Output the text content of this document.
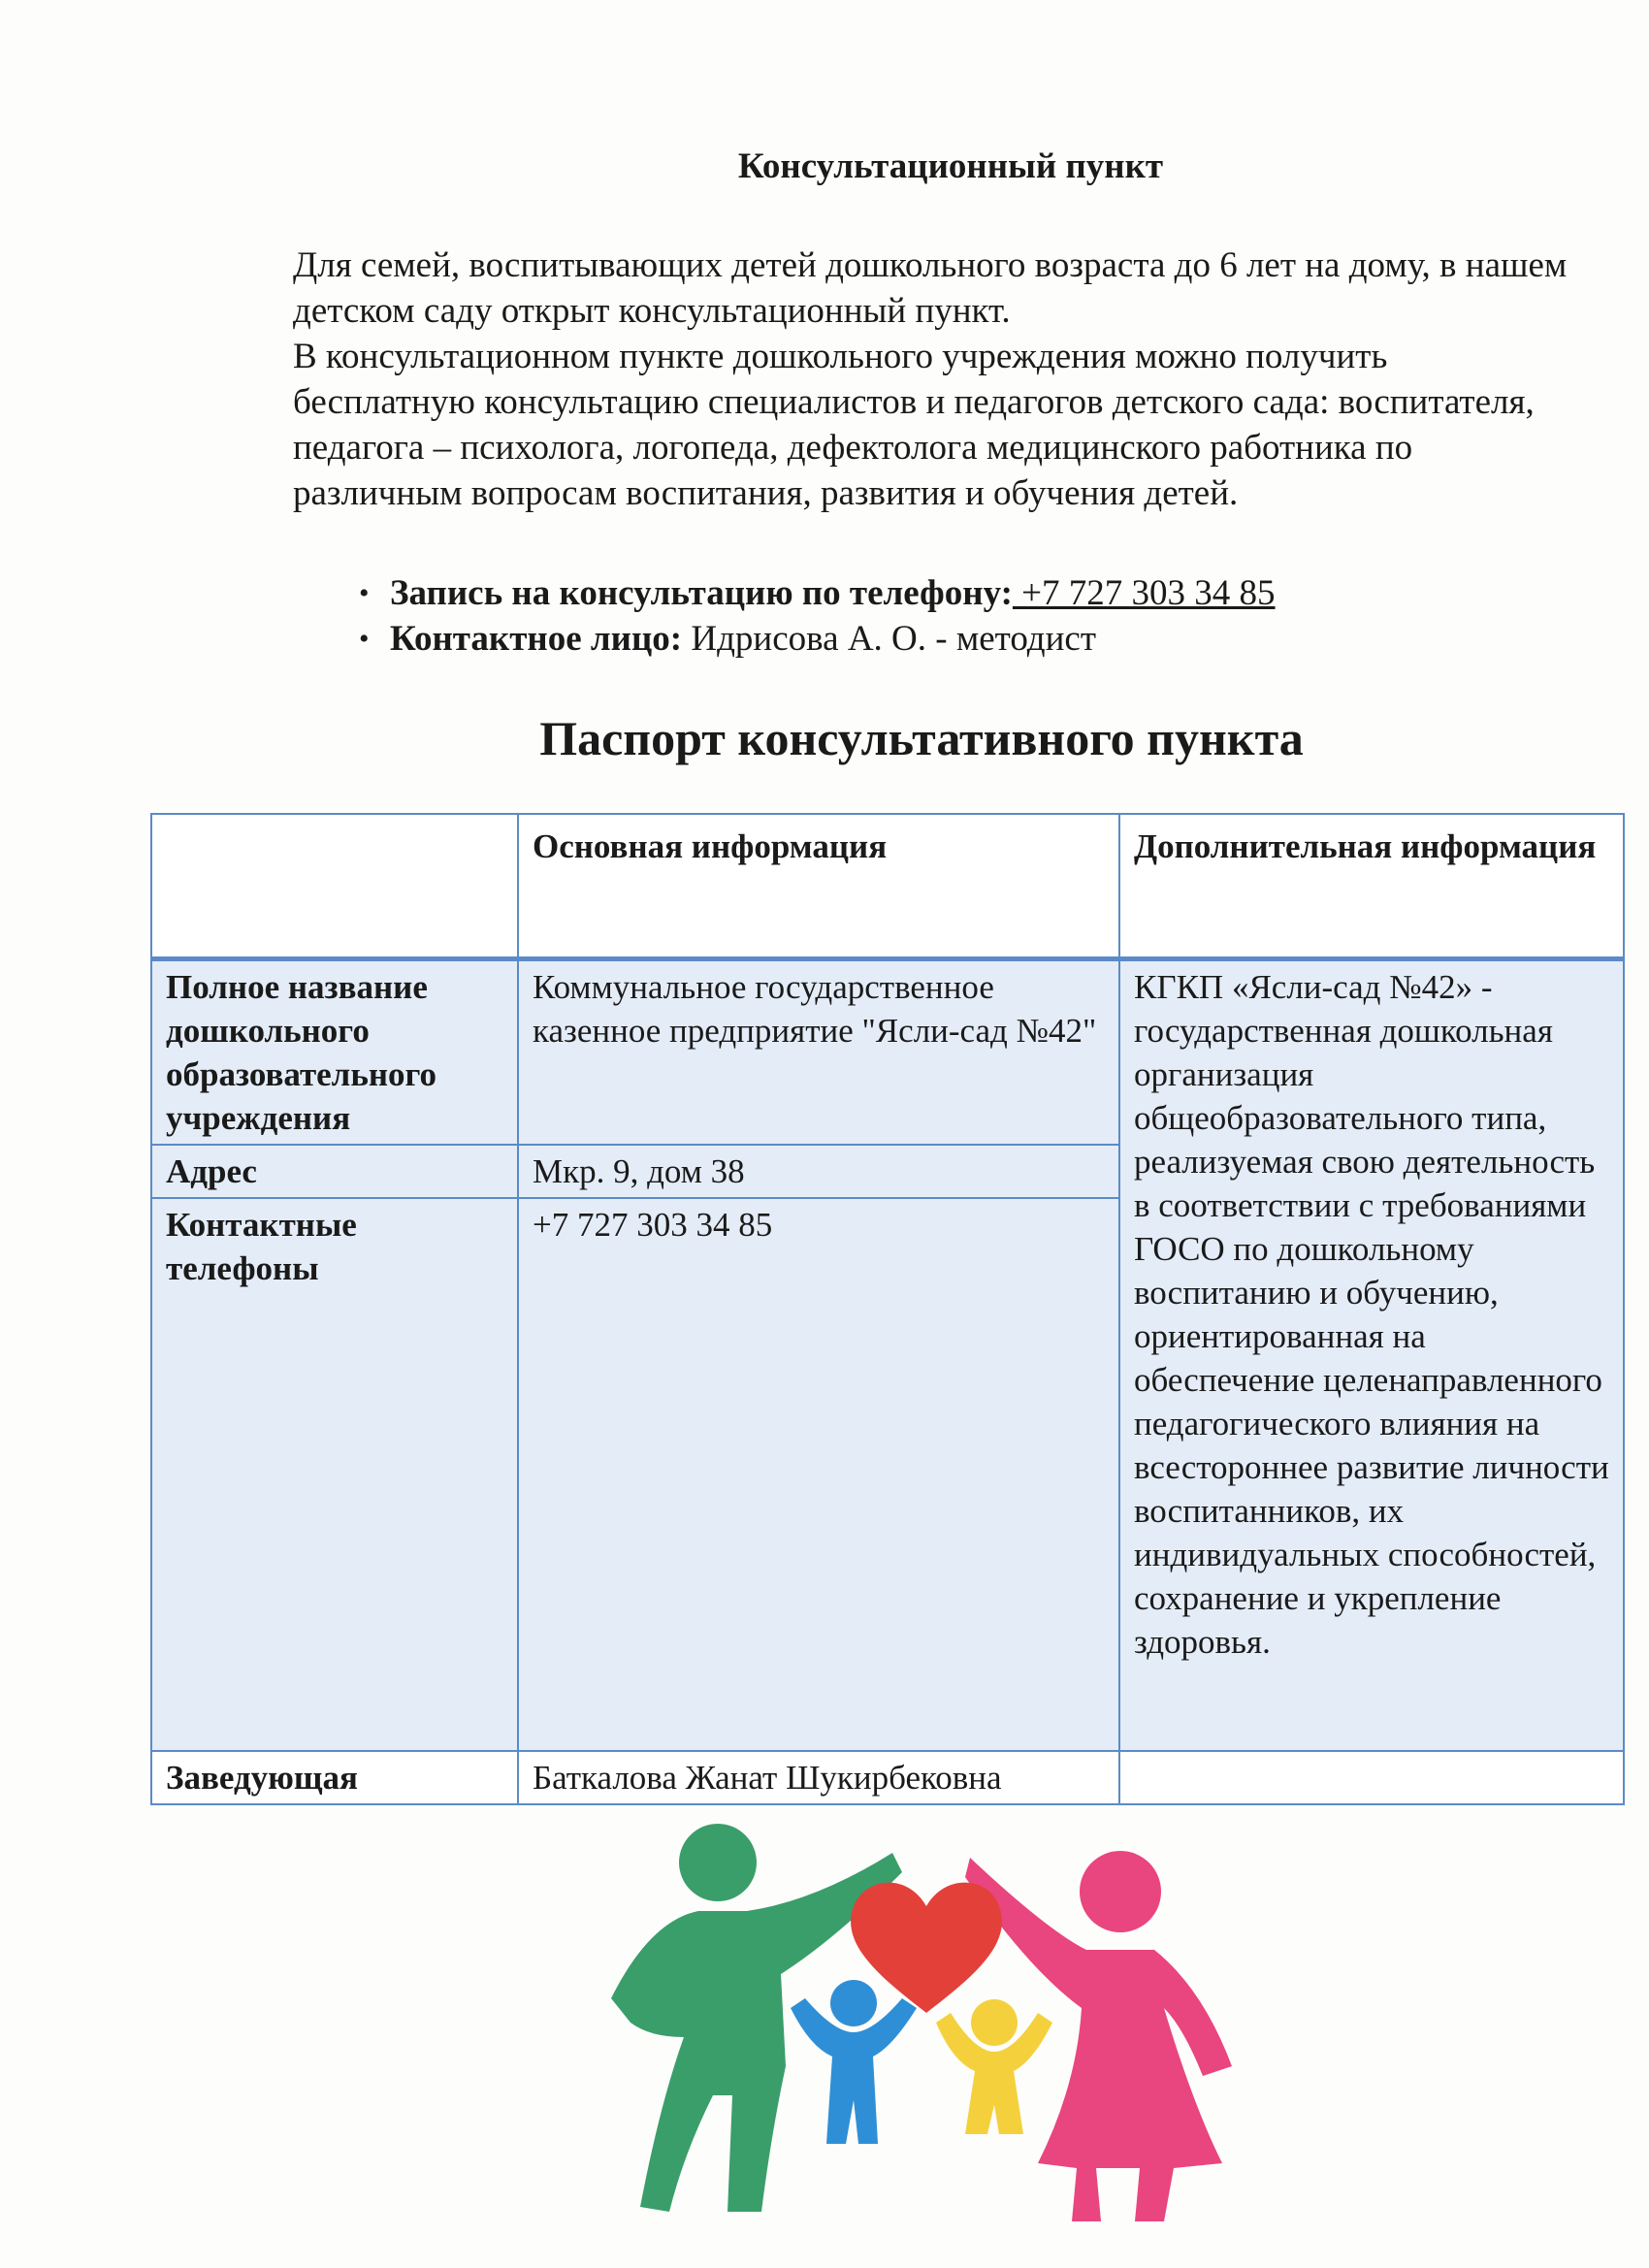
Консультационный пункт

Для семей, воспитывающих детей дошкольного возраста до 6 лет на дому, в нашем детском саду открыт консультационный пункт.

В консультационном пункте дошкольного учреждения можно получить бесплатную консультацию специалистов и педагогов детского сада: воспитателя, педагога – психолога, логопеда, дефектолога медицинского работника по различным вопросам воспитания, развития и обучения детей.

• Запись на консультацию по телефону: +7 727 303 34 85
• Контактное лицо: Идрисова А. О. - методист
Паспорт консультативного пункта
	Основная информация	Дополнительная информация
Полное название дошкольного образовательного учреждения	Коммунальное государственное казенное предприятие "Ясли-сад №42"	КГКП «Ясли-сад №42» - государственная дошкольная организация общеобразовательного типа, реализуемая свою деятельность в соответствии с требованиями ГОСО по дошкольному воспитанию и обучению, ориентированная на обеспечение целенаправленного педагогического влияния на всестороннее развитие личности воспитанников, их индивидуальных способностей, сохранение и укрепление здоровья.
Адрес	Мкр. 9, дом 38	
Контактные телефоны	+7 727 303 34 85	
Заведующая	Баткалова Жанат Шукирбековна	
